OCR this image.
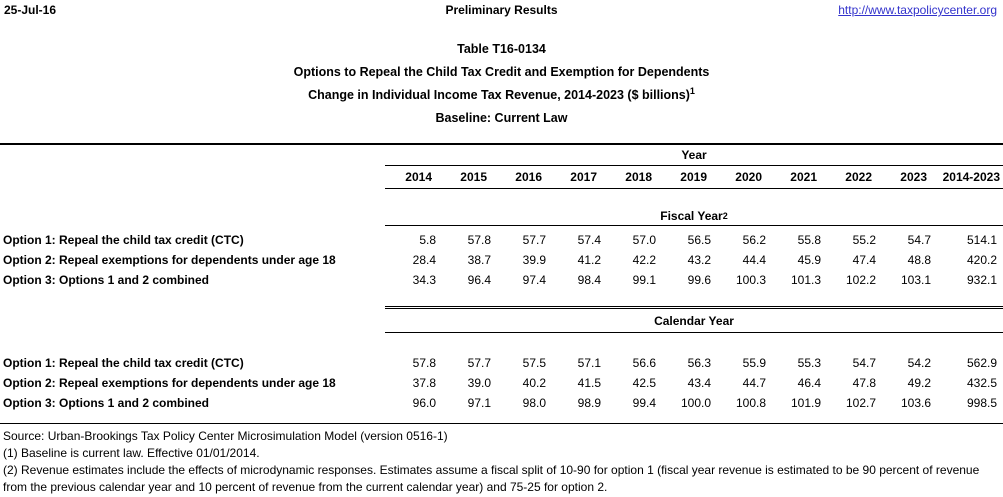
25-Jul-16	Preliminary Results	http://www.taxpolicycenter.org
Table T16-0134
Options to Repeal the Child Tax Credit and Exemption for Dependents
Change in Individual Income Tax Revenue, 2014-2023 ($ billions)$^1$
Baseline: Current Law
Year
2014	2015	2016	2017	2018	2019	2020	2021	2022	2023	2014-2023
Fiscal Year 2
Option 1: Repeal the child tax credit (CTC)	5.8	57.8	57.7	57.4	57.0	56.5	56.2	55.8	55.2	54.7	514.1
Option 2: Repeal exemptions for dependents under age 18	28.4	38.7	39.9	41.2	42.2	43.2	44.4	45.9	47.4	48.8	420.2
Option 3: Options 1 and 2 combined	34.3	96.4	97.4	98.4	99.1	99.6	100.3	101.3	102.2	103.1	932.1
Calendar Year
Option 1: Repeal the child tax credit (CTC)	57.8	57.7	57.5	57.1	56.6	56.3	55.9	55.3	54.7	54.2	562.9
Option 2: Repeal exemptions for dependents under age 18	37.8	39.0	40.2	41.5	42.5	43.4	44.7	46.4	47.8	49.2	432.5
Option 3: Options 1 and 2 combined	96.0	97.1	98.0	98.9	99.4	100.0	100.8	101.9	102.7	103.6	998.5
Source: Urban-Brookings Tax Policy Center Microsimulation Model (version 0516-1)
(1) Baseline is current law. Effective 01/01/2014.
(2) Revenue estimates include the effects of microdynamic responses. Estimates assume a fiscal split of 10-90 for option 1 (fiscal year revenue is estimated to be 90 percent of revenue from the previous calendar year and 10 percent of revenue from the current calendar year) and 75-25 for option 2.
